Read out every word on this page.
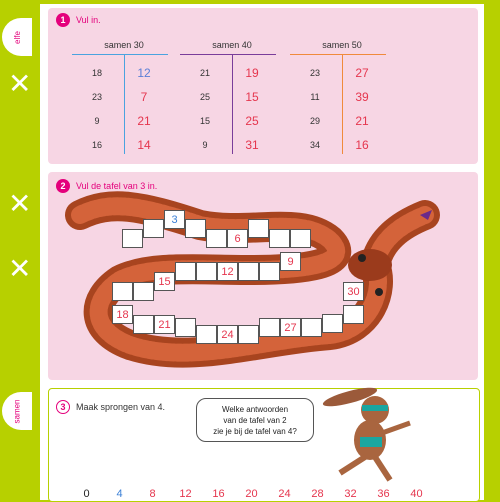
elfe
samen
✕
✕
✕
1	Vul in.
samen 30
18	12
23	7
9	21
16	14
samen 40
21	19
25	15
15	25
9	31
samen 50
23	27
11	39
29	21
34	16
2	Vul de tafel van 3 in.
3
6
9
12
15
18
21
24
27
30
3	Maak sprongen van 4.	Welke antwoorden
van de tafel van 2
zie je bij de tafel van 4?
0 4 8 12 16 20 24 28 32 36 40
